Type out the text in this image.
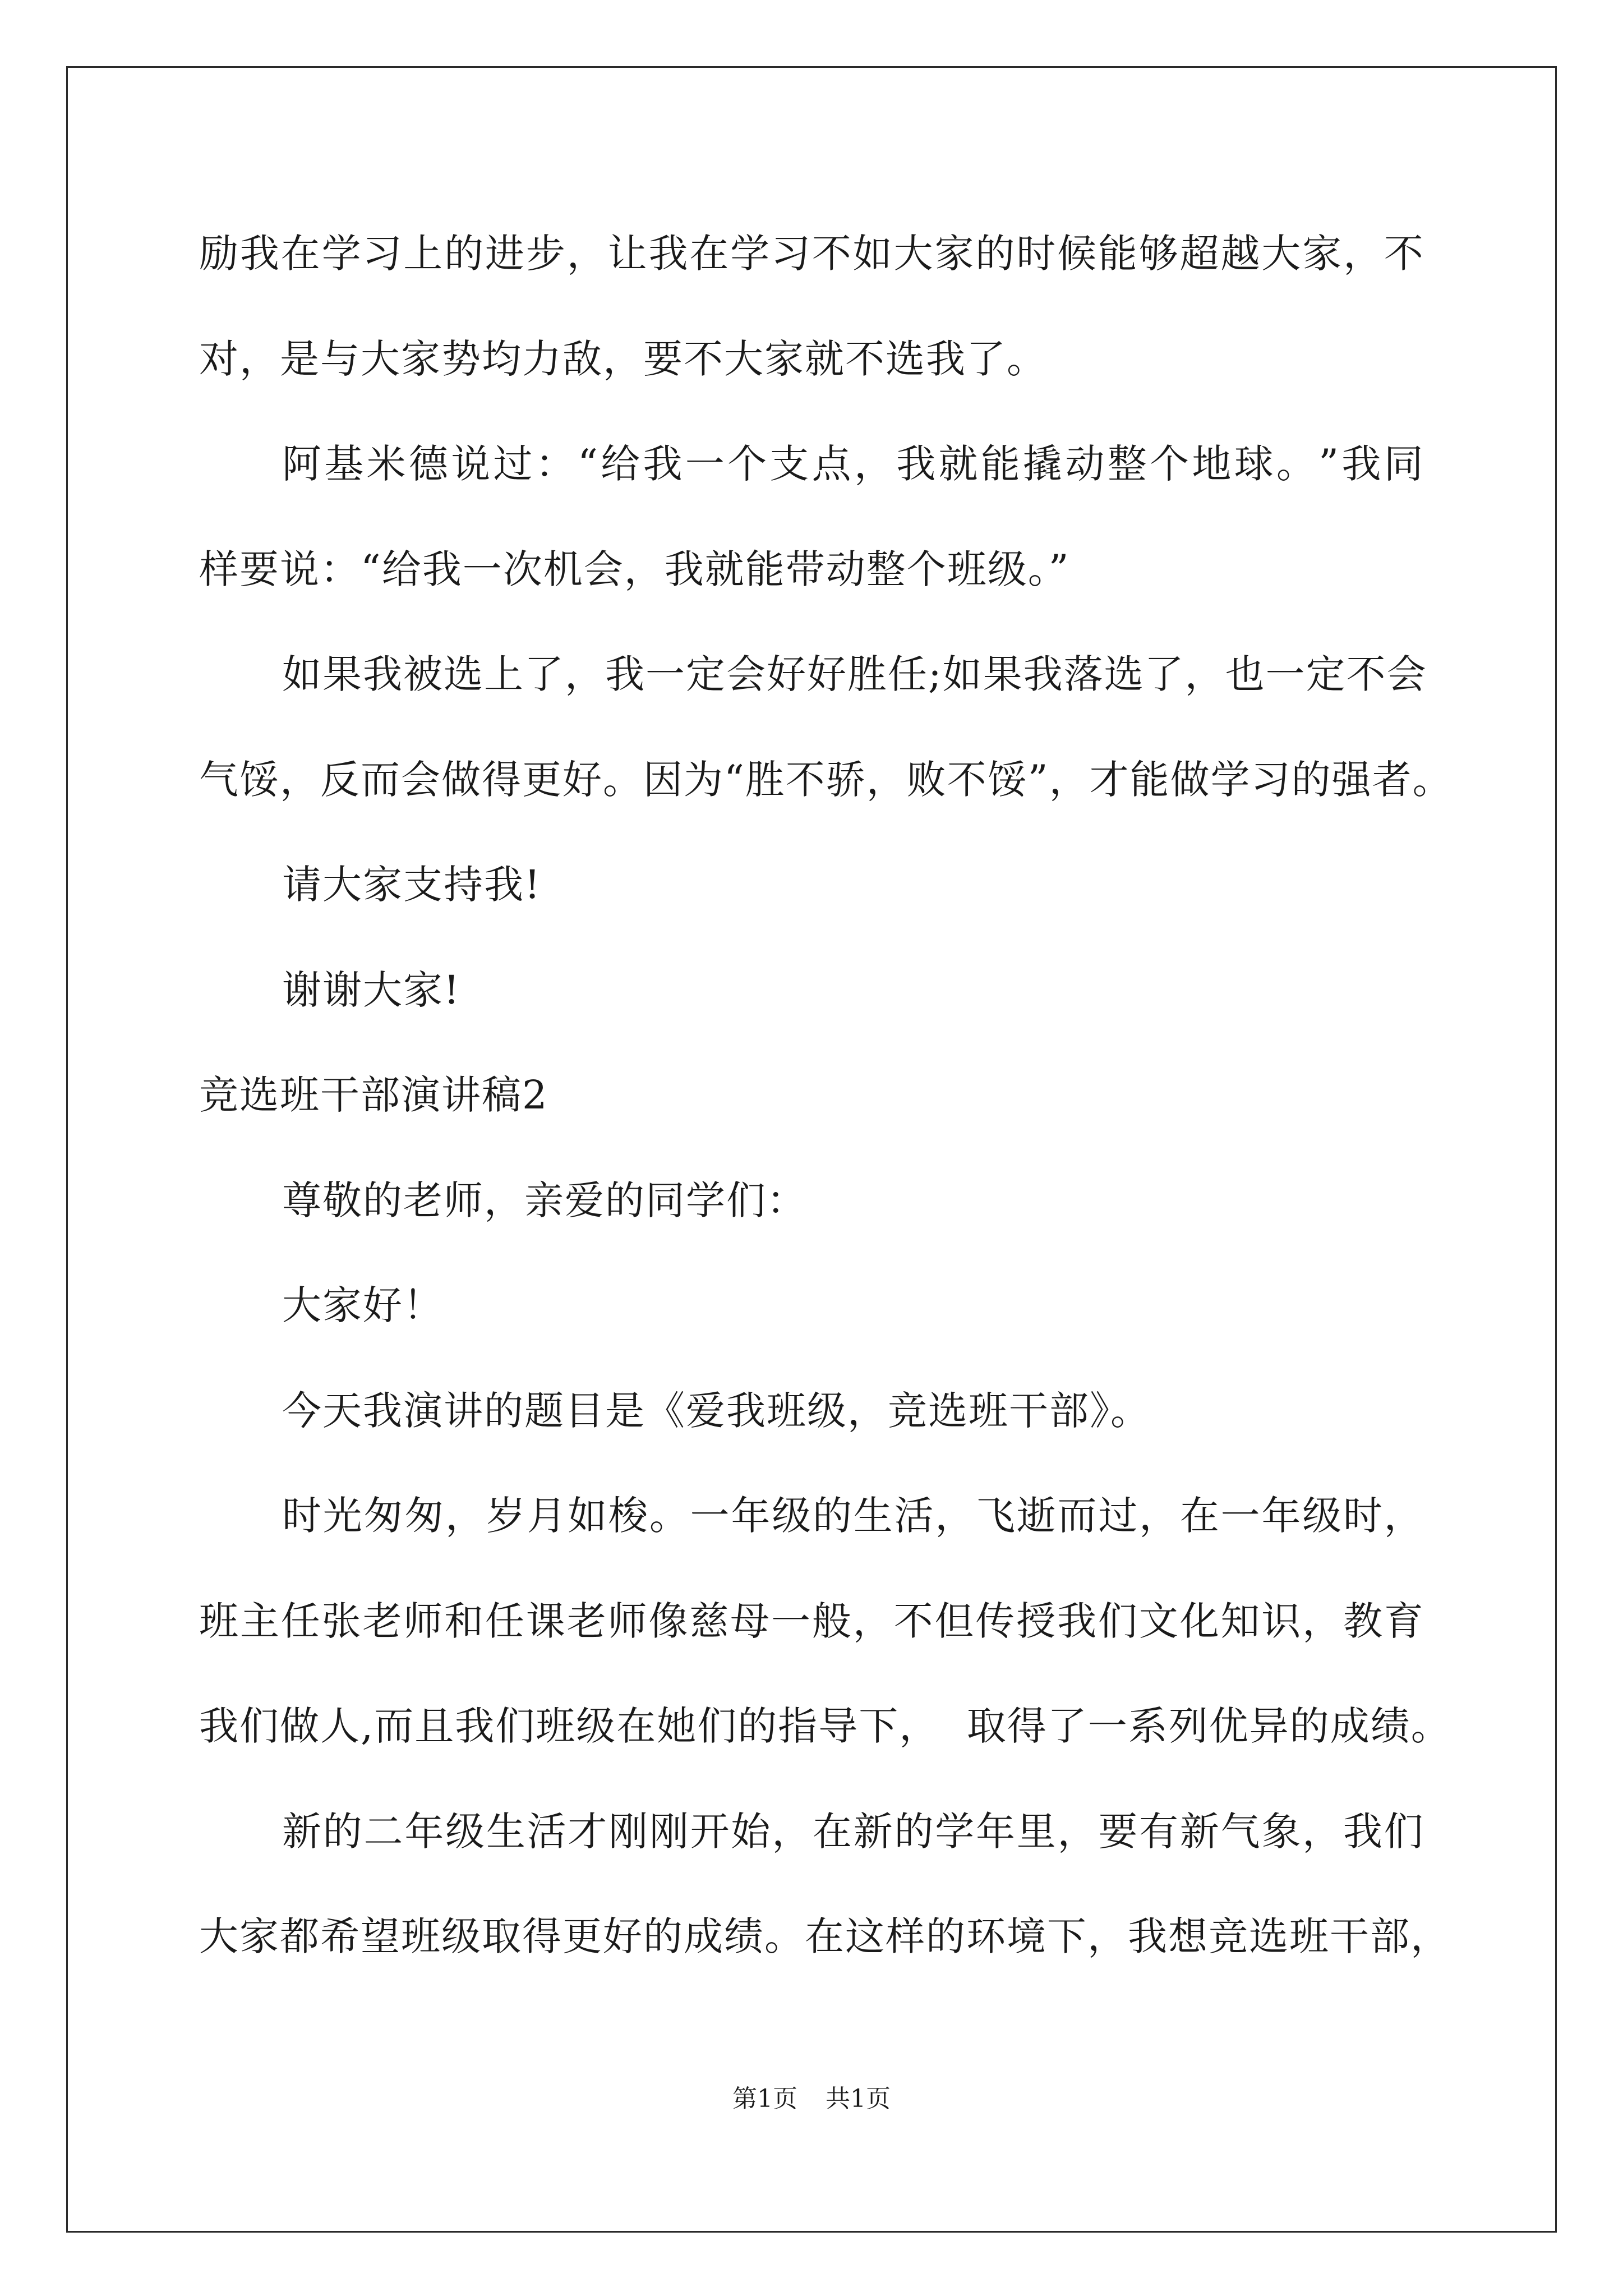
励 我 在 学 习 上 的 进 步 ， 让 我 在 学 习 不 如 大 家 的 时 候 能 够 超 越 大 家 ， 不
对，是与大家势均力敌，要不大家就不选我了。
阿 基 米 德 说 过 ： “ 给 我 一 个 支 点 ， 我 就 能 撬 动 整 个 地 球 。 ” 我 同
样要说：“给我一次机会，我就能带动整个班级。”
如 果 我 被 选 上 了 ， 我 一 定 会 好 好 胜 任 ; 如 果 我 落 选 了 ， 也 一 定 不 会
气 馁 ， 反 而 会 做 得 更 好 。 因 为 “ 胜 不 骄 ， 败 不 馁 ” ， 才 能 做 学 习 的 强 者 。
请大家支持我!
谢谢大家!
竞选班干部演讲稿2
尊敬的老师，亲爱的同学们：
大家好！
今天我演讲的题目是《爱我班级，竞选班干部》。
时 光 匆 匆 ， 岁 月 如 梭 。 一 年 级 的 生 活 ， 飞 逝 而 过 ， 在 一 年 级 时 ，
班 主 任 张 老 师 和 任 课 老 师 像 慈 母 一 般 ， 不 但 传 授 我 们 文 化 知 识 ， 教 育
我 们 做 人 , 而 且 我 们 班 级 在 她 们 的 指 导 下 ，

取 得 了 一 系 列 优 异 的 成 绩 。
新 的 二 年 级 生 活 才 刚 刚 开 始 ， 在 新 的 学 年 里 ， 要 有 新 气 象 ， 我 们
大 家 都 希 望 班 级 取 得 更 好 的 成 绩 。 在 这 样 的 环 境 下 ， 我 想 竞 选 班 干 部 ，
第1页 共1页
